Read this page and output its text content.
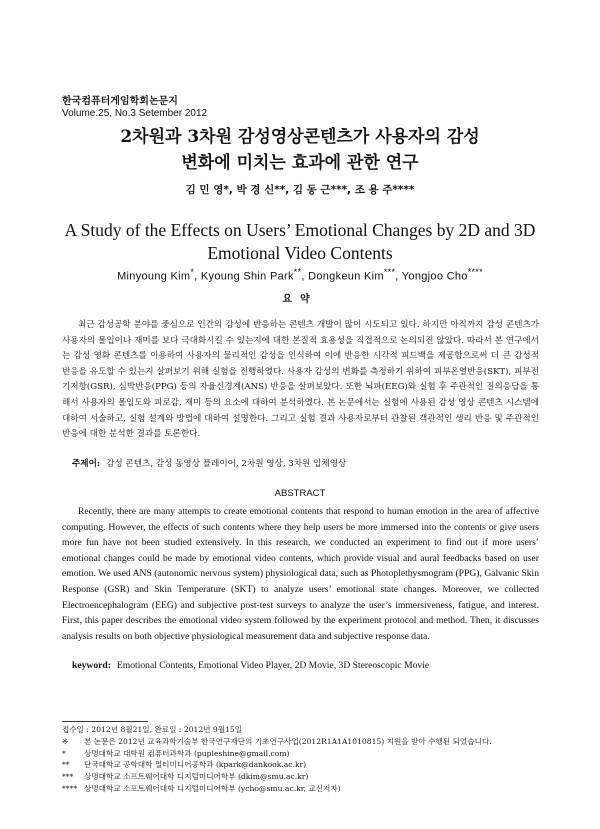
한국컴퓨터게임학회논문지
Volume.25, No.3 Setember 2012
2차원과 3차원 감성영상콘텐츠가 사용자의 감성
변화에 미치는 효과에 관한 연구
김 민 영*, 박 경 신**, 김 동 근***, 조 용 주****
A Study of the Effects on Users’ Emotional Changes by 2D and 3D
Emotional Video Contents
Minyoung Kim*, Kyoung Shin Park**, Dongkeun Kim***, Yongjoo Cho****
요약

최근 감성공학 분야를 중심으로 인간의 감성에 반응하는 콘텐츠 개발이 많이 시도되고 있다. 하지만 아직까지 감성 콘텐츠가 사용자의 몰입이나 재미를 보다 극대화시킬 수 있는지에 대한 본질적 효용성을 직접적으로 논의되진 않았다. 따라서 본 연구에서는 감성 영화 콘텐츠를 이용하여 사용자의 물리적인 감성을 인식하여 이에 반응한 시각적 피드백을 제공함으로써 더 큰 감성적 반응을 유도할 수 있는지 살펴보기 위해 실험을 진행하였다. 사용자 감성의 변화를 측정하기 위하여 피부온열반응(SKT), 피부전기저항(GSR), 심박반응(PPG) 등의 자율신경계(ANS) 반응을 살펴보았다. 또한 뇌파(EEG)와 실험 후 주관적인 질의응답을 통해서 사용자의 몰입도와 피로감, 재미 등의 요소에 대하여 분석하였다. 본 논문에서는 실험에 사용된 감성 영상 콘텐츠 시스템에 대하여 서술하고, 실험 설계와 방법에 대하여 설명한다. 그리고 실험 결과 사용자로부터 관찰된 객관적인 생리 반응 및 주관적인 반응에 대한 분석한 결과를 토론한다.

주제어: 감성 콘텐츠, 감성 동영상 플레이어, 2차원 영상, 3차원 입체영상
ABSTRACT

Recently, there are many attempts to create emotional contents that respond to human emotion in the area of affective computing. However, the effects of such contents where they help users be more immersed into the contents or give users more fun have not been studied extensively. In this research, we conducted an experiment to find out if more users’ emotional changes could be made by emotional video contents, which provide visual and aural feedbacks based on user emotion. We used ANS (autonomic nervous system) physiological data, such as Photoplethysmogram (PPG), Galvanic Skin Response (GSR) and Skin Temperature (SKT) to analyze users’ emotional state changes. Moreover, we collected Electroencephalogram (EEG) and subjective post-test surveys to analyze the user’s immersiveness, fatigue, and interest. First, this paper describes the emotional video system followed by the experiment protocol and method. Then, it discusses analysis results on both objective physiological measurement data and subjective response data.

keyword: Emotional Contents, Emotional Video Player, 2D Movie, 3D Stereoscopic Movie
접수일 : 2012년 8월21일, 완료일 : 2012년 9월15일
※ 본 논문은 2012년 교육과학기술부 한국연구재단의 기초연구사업(2012R1A1A1010815) 지원을 받아 수행된 되었습니다.
* 상명대학교 대학원 컴퓨터과학과 (pupleshine@gmail.com)
** 단국대학교 공학대학 멀티미디어공학과 (kpark@dankook.ac.kr)
*** 상명대학교 소프트웨어대학 디지털미디어학부 (dkim@smu.ac.kr)
**** 상명대학교 소프트웨어대학 디지털미디어학부 (ycho@smu.ac.kr, 교신저자)
